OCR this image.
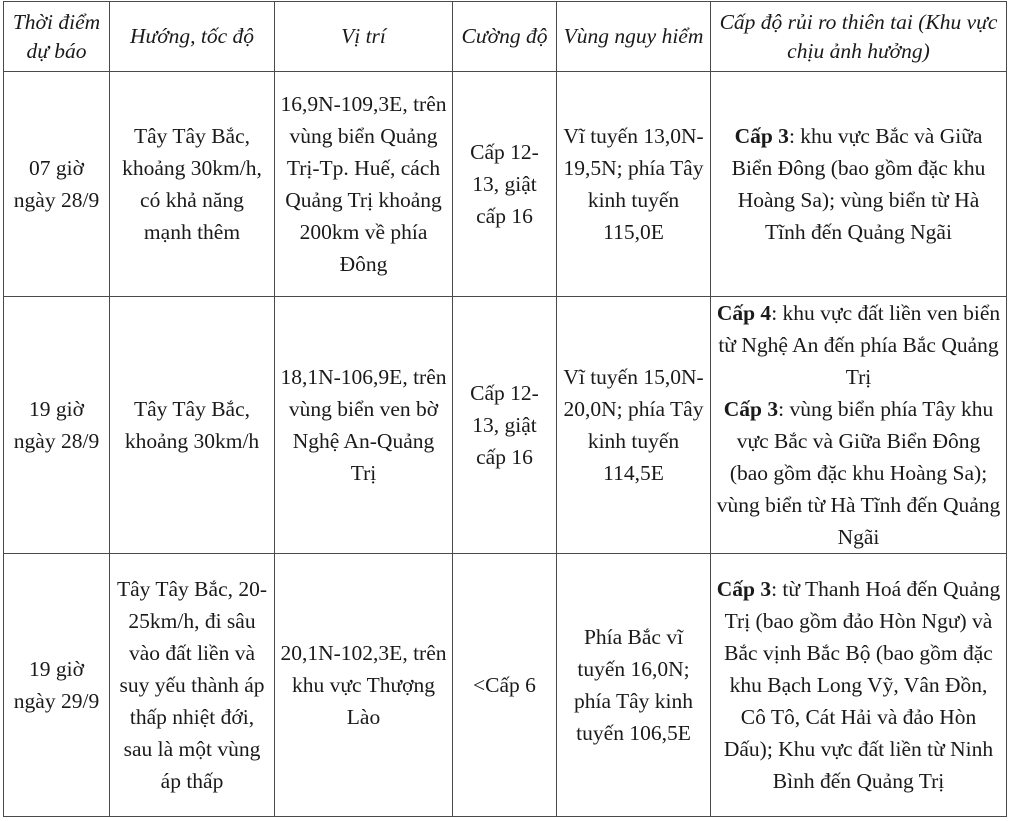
Thời điểm dự báo	Hướng, tốc độ	Vị trí	Cường độ	Vùng nguy hiểm	Cấp độ rủi ro thiên tai (Khu vực chịu ảnh hưởng)
07 giờ ngày 28/9	Tây Tây Bắc, khoảng 30km/h, có khả năng mạnh thêm	16,9N-109,3E, trên vùng biển Quảng Trị-Tp. Huế, cách Quảng Trị khoảng 200km về phía Đông	Cấp 12-13, giật cấp 16	Vĩ tuyến 13,0N-19,5N; phía Tây kinh tuyến 115,0E	Cấp 3: khu vực Bắc và Giữa Biển Đông (bao gồm đặc khu Hoàng Sa); vùng biển từ Hà Tĩnh đến Quảng Ngãi

19 giờ ngày 28/9	Tây Tây Bắc, khoảng 30km/h	18,1N-106,9E, trên vùng biển ven bờ Nghệ An-Quảng Trị	Cấp 12-13, giật cấp 16	Vĩ tuyến 15,0N-20,0N; phía Tây kinh tuyến 114,5E	Cấp 4: khu vực đất liền ven biển từ Nghệ An đến phía Bắc Quảng Trị
Cấp 3: vùng biển phía Tây khu vực Bắc và Giữa Biển Đông (bao gồm đặc khu Hoàng Sa); vùng biển từ Hà Tĩnh đến Quảng Ngãi

19 giờ ngày 29/9	Tây Tây Bắc, 20-25km/h, đi sâu vào đất liền và suy yếu thành áp thấp nhiệt đới, sau là một vùng áp thấp	20,1N-102,3E, trên khu vực Thượng Lào	<Cấp 6	Phía Bắc vĩ tuyến 16,0N; phía Tây kinh tuyến 106,5E	Cấp 3: từ Thanh Hoá đến Quảng Trị (bao gồm đảo Hòn Ngư) và Bắc vịnh Bắc Bộ (bao gồm đặc khu Bạch Long Vỹ, Vân Đồn, Cô Tô, Cát Hải và đảo Hòn Dấu); Khu vực đất liền từ Ninh Bình đến Quảng Trị
